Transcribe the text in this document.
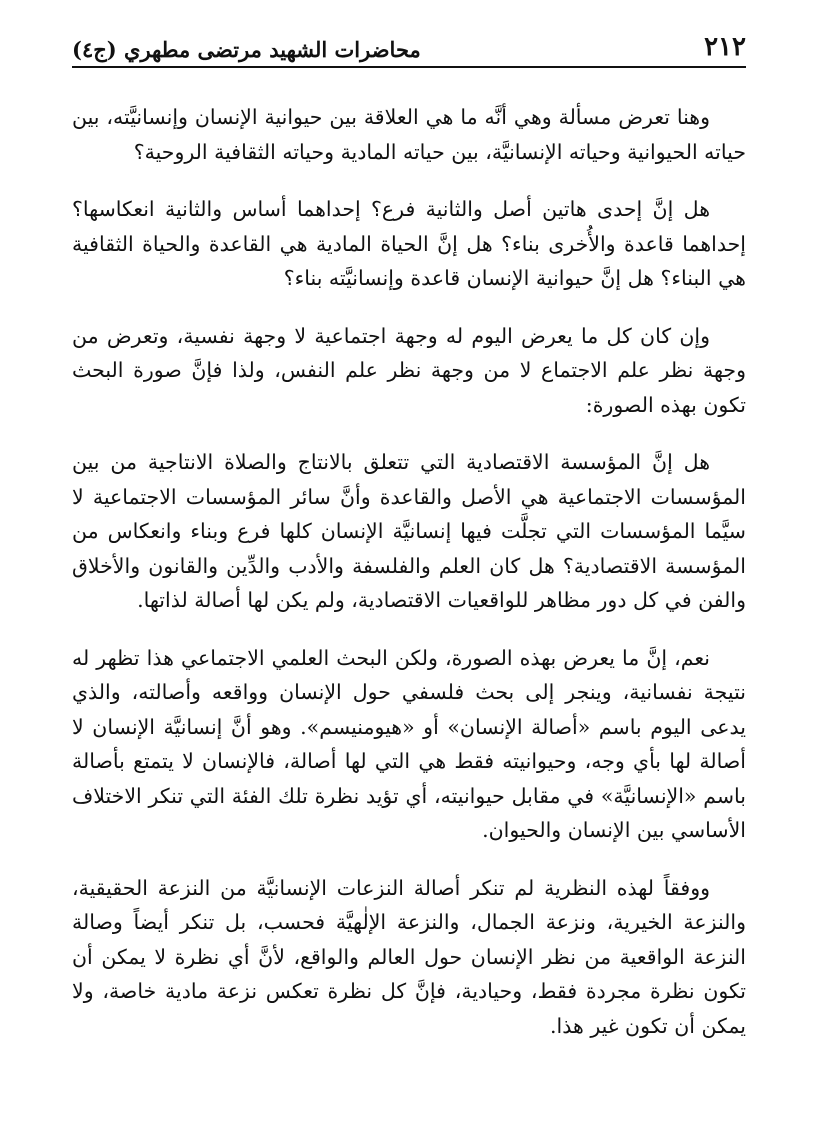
٢١٢
محاضرات الشهيد مرتضى مطهري (ج٤)

وهنا تعرض مسألة وهي أنَّه ما هي العلاقة بين حيوانية الإنسان وإنسانيَّته، بين حياته الحيوانية وحياته الإنسانيَّة، بين حياته المادية وحياته الثقافية الروحية؟

هل إنَّ إحدى هاتين أصل والثانية فرع؟ إحداهما أساس والثانية انعكاسها؟ إحداهما قاعدة والأُخرى بناء؟ هل إنَّ الحياة المادية هي القاعدة والحياة الثقافية هي البناء؟ هل إنَّ حيوانية الإنسان قاعدة وإنسانيَّته بناء؟

وإن كان كل ما يعرض اليوم له وجهة اجتماعية لا وجهة نفسية، وتعرض من وجهة نظر علم الاجتماع لا من وجهة نظر علم النفس، ولذا فإنَّ صورة البحث تكون بهذه الصورة:

هل إنَّ المؤسسة الاقتصادية التي تتعلق بالانتاج والصلاة الانتاجية من بين المؤسسات الاجتماعية هي الأصل والقاعدة وأنَّ سائر المؤسسات الاجتماعية لا سيَّما المؤسسات التي تجلَّت فيها إنسانيَّة الإنسان كلها فرع وبناء وانعكاس من المؤسسة الاقتصادية؟ هل كان العلم والفلسفة والأدب والدِّين والقانون والأخلاق والفن في كل دور مظاهر للواقعيات الاقتصادية، ولم يكن لها أصالة لذاتها.

نعم، إنَّ ما يعرض بهذه الصورة، ولكن البحث العلمي الاجتماعي هذا تظهر له نتيجة نفسانية، وينجر إلى بحث فلسفي حول الإنسان وواقعه وأصالته، والذي يدعى اليوم باسم «أصالة الإنسان» أو «هيومنيسم». وهو أنَّ إنسانيَّة الإنسان لا أصالة لها بأي وجه، وحيوانيته فقط هي التي لها أصالة، فالإنسان لا يتمتع بأصالة باسم «الإنسانيَّة» في مقابل حيوانيته، أي تؤيد نظرة تلك الفئة التي تنكر الاختلاف الأساسي بين الإنسان والحيوان.

ووفقاً لهذه النظرية لم تنكر أصالة النزعات الإنسانيَّة من النزعة الحقيقية، والنزعة الخيرية، ونزعة الجمال، والنزعة الإلٰهيَّة فحسب، بل تنكر أيضاً وصالة النزعة الواقعية من نظر الإنسان حول العالم والواقع، لأنَّ أي نظرة لا يمكن أن تكون نظرة مجردة فقط، وحيادية، فإنَّ كل نظرة تعكس نزعة مادية خاصة، ولا يمكن أن تكون غير هذا.
